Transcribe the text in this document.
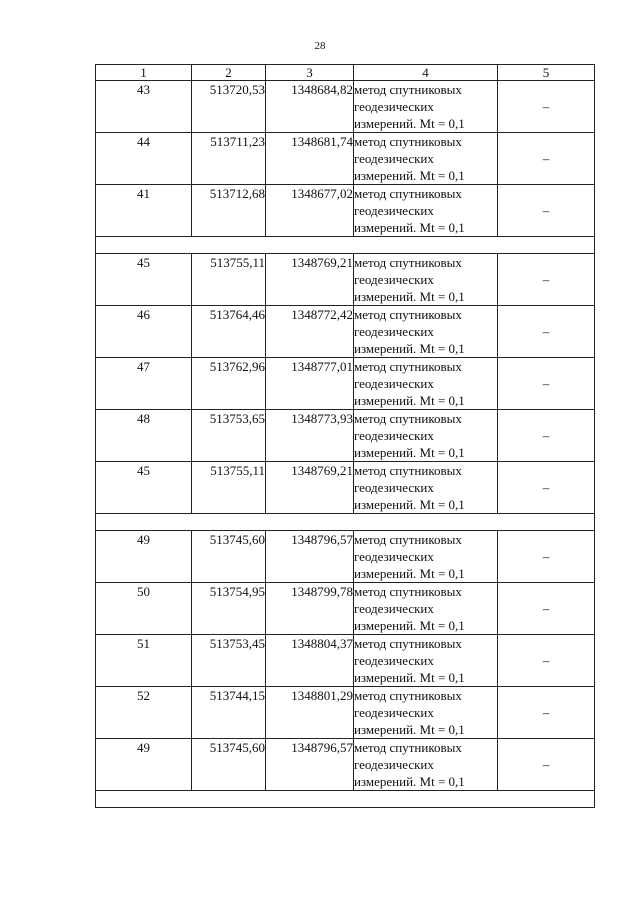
28
1	2	3	4	5
43	513720,53	1348684,82	метод спутниковых
геодезических
измерений. Mt = 0,1	–
44	513711,23	1348681,74	метод спутниковых
геодезических
измерений. Mt = 0,1	–
41	513712,68	1348677,02	метод спутниковых
геодезических
измерений. Mt = 0,1	–

45	513755,11	1348769,21	метод спутниковых
геодезических
измерений. Mt = 0,1	–
46	513764,46	1348772,42	метод спутниковых
геодезических
измерений. Mt = 0,1	–
47	513762,96	1348777,01	метод спутниковых
геодезических
измерений. Mt = 0,1	–
48	513753,65	1348773,93	метод спутниковых
геодезических
измерений. Mt = 0,1	–
45	513755,11	1348769,21	метод спутниковых
геодезических
измерений. Mt = 0,1	–

49	513745,60	1348796,57	метод спутниковых
геодезических
измерений. Mt = 0,1	–
50	513754,95	1348799,78	метод спутниковых
геодезических
измерений. Mt = 0,1	–
51	513753,45	1348804,37	метод спутниковых
геодезических
измерений. Mt = 0,1	–
52	513744,15	1348801,29	метод спутниковых
геодезических
измерений. Mt = 0,1	–
49	513745,60	1348796,57	метод спутниковых
геодезических
измерений. Mt = 0,1	–
